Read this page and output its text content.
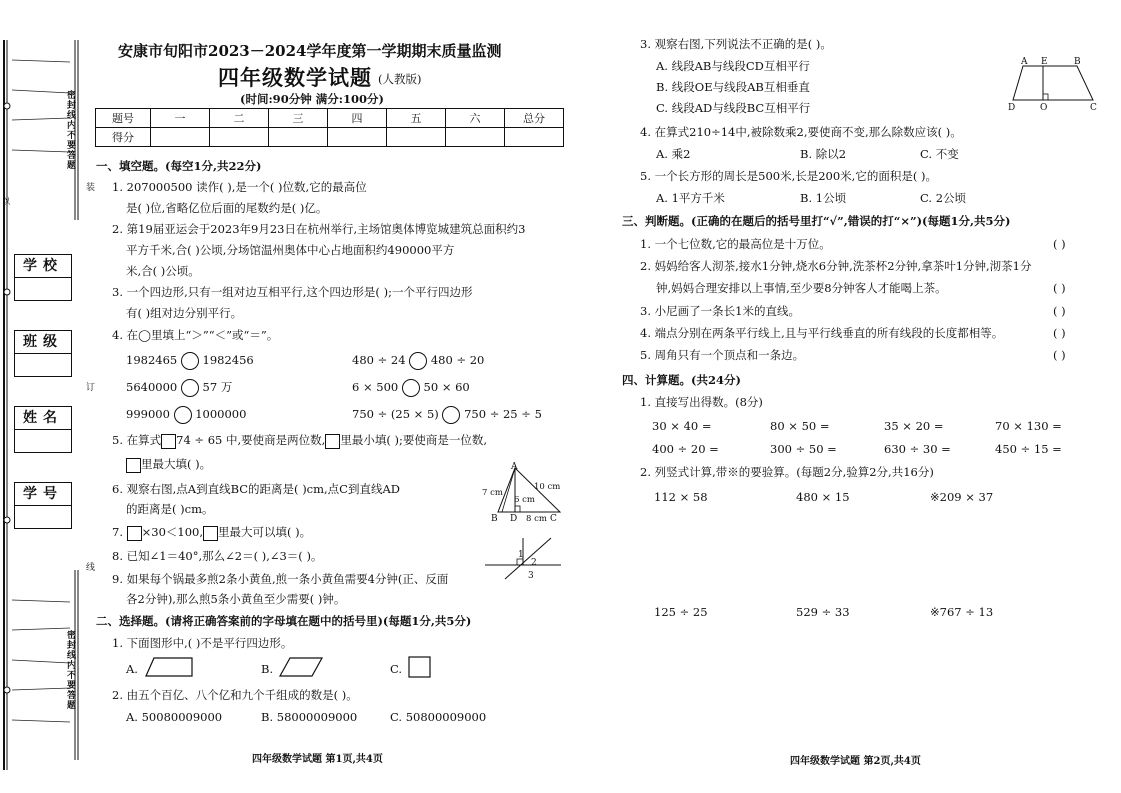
密封线内不要答题
密封线内不要答题
装
订
线
以
学校
班级
姓名
学号
安康市旬阳市2023－2024学年度第一学期期末质量监测
四年级数学试题 (人教版)
(时间:90分钟 满分:100分)
题号	一	二	三	四	五	六	总分
得分							
一、填空题。(每空1分,共22分)
1. 207000500 读作( ),是一个( )位数,它的最高位
是( )位,省略亿位后面的尾数约是( )亿。
2. 第19届亚运会于2023年9月23日在杭州举行,主场馆奥体博览城建筑总面积约3
平方千米,合( )公顷,分场馆温州奥体中心占地面积约490000平方
米,合( )公顷。
3. 一个四边形,只有一组对边互相平行,这个四边形是( );一个平行四边形
有( )组对边分别平行。
4. 在◯里填上“＞”“＜”或“＝”。
1982465 1982456	480 ÷ 24 480 ÷ 20
5640000 57 万	6 × 500 50 × 60
999000 1000000	750 ÷ (25 × 5) 750 ÷ 25 ÷ 5
5. 在算式 74 ÷ 65 中,要使商是两位数, 里最小填( );要使商是一位数,
里最大填( )。
6. 观察右图,点A到直线BC的距离是( )cm,点C到直线AD
的距离是( )cm。
7. ×30＜100, 里最大可以填( )。
8. 已知∠1＝40°,那么∠2＝( ),∠3＝( )。
9. 如果每个锅最多煎2条小黄鱼,煎一条小黄鱼需要4分钟(正、反面
各2分钟),那么煎5条小黄鱼至少需要( )钟。
A
B D	C
7 cm
10 cm
6 cm
8 cm
1
2
3
二、选择题。(请将正确答案前的字母填在题中的括号里)(每题1分,共5分)
1. 下面图形中,( )不是平行四边形。
A.	B.	C.
2. 由五个百亿、八个亿和九个千组成的数是( )。
A. 50080009000	B. 58000009000	C. 50800009000
四年级数学试题 第1页,共4页
3. 观察右图,下列说法不正确的是( )。
A. 线段AB与线段CD互相平行
B. 线段OE与线段AB互相垂直
C. 线段AD与线段BC互相平行
A E	B
D	O	C
4. 在算式210÷14中,被除数乘2,要使商不变,那么除数应该( )。
A. 乘2	B. 除以2	C. 不变
5. 一个长方形的周长是500米,长是200米,它的面积是( )。
A. 1平方千米	B. 1公顷	C. 2公顷
三、判断题。(正确的在题后的括号里打“√”,错误的打“×”)(每题1分,共5分)
1. 一个七位数,它的最高位是十万位。	( )
2. 妈妈给客人沏茶,接水1分钟,烧水6分钟,洗茶杯2分钟,拿茶叶1分钟,沏茶1分
钟,妈妈合理安排以上事情,至少要8分钟客人才能喝上茶。	( )
3. 小尼画了一条长1米的直线。	( )
4. 端点分别在两条平行线上,且与平行线垂直的所有线段的长度都相等。	( )
5. 周角只有一个顶点和一条边。	( )
四、计算题。(共24分)
1. 直接写出得数。(8分)
30 × 40 =	80 × 50 =	35 × 20 =	70 × 130 =
400 ÷ 20 =	300 ÷ 50 =	630 ÷ 30 =	450 ÷ 15 =
2. 列竖式计算,带※的要验算。(每题2分,验算2分,共16分)
112 × 58	480 × 15	※209 × 37
125 ÷ 25	529 ÷ 33	※767 ÷ 13
四年级数学试题 第2页,共4页
